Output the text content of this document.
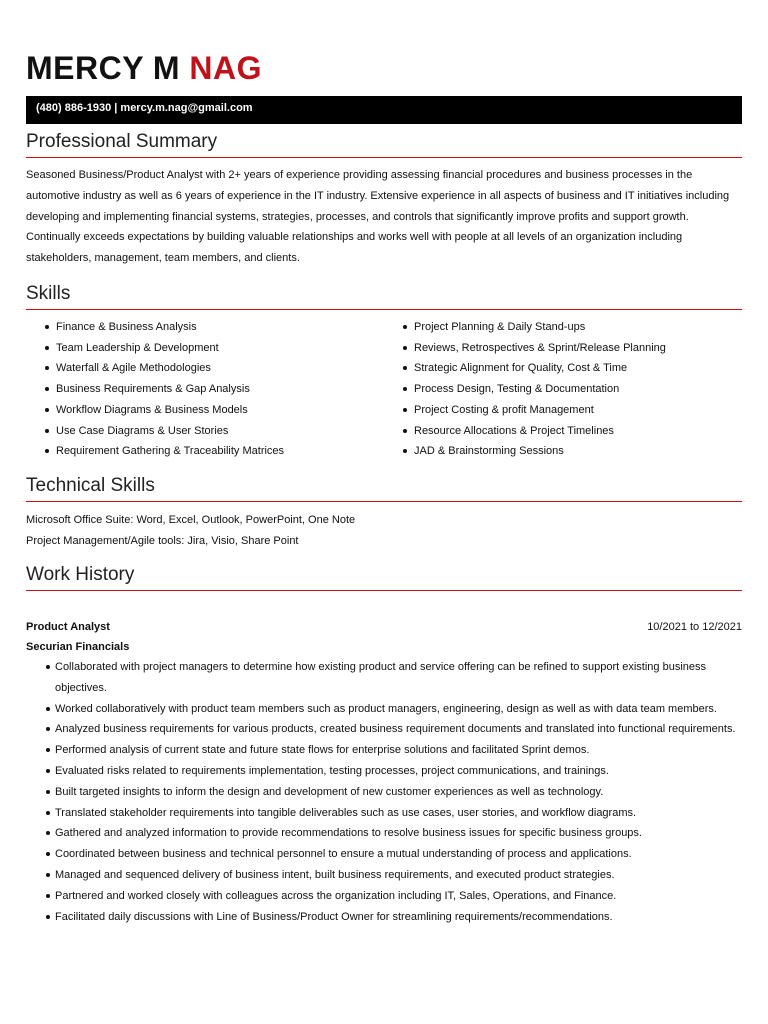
MERCY M NAG
(480) 886-1930 | mercy.m.nag@gmail.com
Professional Summary

Seasoned Business/Product Analyst with 2+ years of experience providing assessing financial procedures and business processes in the automotive industry as well as 6 years of experience in the IT industry. Extensive experience in all aspects of business and IT initiatives including developing and implementing financial systems, strategies, processes, and controls that significantly improve profits and support growth. Continually exceeds expectations by building valuable relationships and works well with people at all levels of an organization including stakeholders, management, team members, and clients.

Skills
Finance & Business Analysis
Team Leadership & Development
Waterfall & Agile Methodologies
Business Requirements & Gap Analysis
Workflow Diagrams & Business Models
Use Case Diagrams & User Stories
Requirement Gathering & Traceability Matrices
Project Planning & Daily Stand-ups
Reviews, Retrospectives & Sprint/Release Planning
Strategic Alignment for Quality, Cost & Time
Process Design, Testing & Documentation
Project Costing & profit Management
Resource Allocations & Project Timelines
JAD & Brainstorming Sessions
Technical Skills
Microsoft Office Suite: Word, Excel, Outlook, PowerPoint, One Note
Project Management/Agile tools: Jira, Visio, Share Point
Work History
Product Analyst	10/2021 to 12/2021
Securian Financials
Collaborated with project managers to determine how existing product and service offering can be refined to support existing business objectives.
Worked collaboratively with product team members such as product managers, engineering, design as well as with data team members.
Analyzed business requirements for various products, created business requirement documents and translated into functional requirements.
Performed analysis of current state and future state flows for enterprise solutions and facilitated Sprint demos.
Evaluated risks related to requirements implementation, testing processes, project communications, and trainings.
Built targeted insights to inform the design and development of new customer experiences as well as technology.
Translated stakeholder requirements into tangible deliverables such as use cases, user stories, and workflow diagrams.
Gathered and analyzed information to provide recommendations to resolve business issues for specific business groups.
Coordinated between business and technical personnel to ensure a mutual understanding of process and applications.
Managed and sequenced delivery of business intent, built business requirements, and executed product strategies.
Partnered and worked closely with colleagues across the organization including IT, Sales, Operations, and Finance.
Facilitated daily discussions with Line of Business/Product Owner for streamlining requirements/recommendations.
